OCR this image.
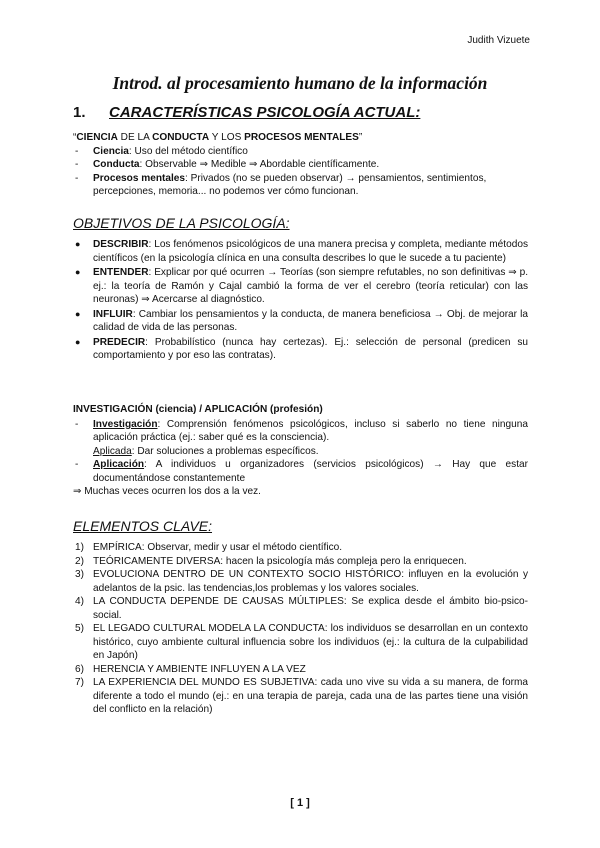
Judith Vizuete
Introd. al procesamiento humano de la información
1. CARACTERÍSTICAS PSICOLOGÍA ACTUAL:
“CIENCIA DE LA CONDUCTA Y LOS PROCESOS MENTALES”
- Ciencia: Uso del método científico
- Conducta: Observable ⇒ Medible ⇒ Abordable científicamente.
- Procesos mentales: Privados (no se pueden observar) → pensamientos, sentimientos, percepciones, memoria... no podemos ver cómo funcionan.
OBJETIVOS DE LA PSICOLOGÍA:
● DESCRIBIR: Los fenómenos psicológicos de una manera precisa y completa, mediante métodos científicos (en la psicología clínica en una consulta describes lo que le sucede a tu paciente)
● ENTENDER: Explicar por qué ocurren → Teorías (son siempre refutables, no son definitivas ⇒ p. ej.: la teoría de Ramón y Cajal cambió la forma de ver el cerebro (teoría reticular) con las neuronas) ⇒ Acercarse al diagnóstico.
● INFLUIR: Cambiar los pensamientos y la conducta, de manera beneficiosa → Obj. de mejorar la calidad de vida de las personas.
● PREDECIR: Probabilístico (nunca hay certezas). Ej.: selección de personal (predicen su comportamiento y por eso las contratas).
INVESTIGACIÓN (ciencia) / APLICACIÓN (profesión)
- Investigación: Comprensión fenómenos psicológicos, incluso si saberlo no tiene ninguna aplicación práctica (ej.: saber qué es la consciencia).
Aplicada: Dar soluciones a problemas específicos.
- Aplicación: A individuos u organizadores (servicios psicológicos) → Hay que estar documentándose constantemente
⇒ Muchas veces ocurren los dos a la vez.
ELEMENTOS CLAVE:
1) EMPÍRICA: Observar, medir y usar el método científico.
2) TEÓRICAMENTE DIVERSA: hacen la psicología más compleja pero la enriquecen.
3) EVOLUCIONA DENTRO DE UN CONTEXTO SOCIO HISTÓRICO: influyen en la evolución y adelantos de la psic. las tendencias,los problemas y los valores sociales.
4) LA CONDUCTA DEPENDE DE CAUSAS MÚLTIPLES: Se explica desde el ámbito bio-psico-social.
5) EL LEGADO CULTURAL MODELA LA CONDUCTA: los individuos se desarrollan en un contexto histórico, cuyo ambiente cultural influencia sobre los individuos (ej.: la cultura de la culpabilidad en Japón)
6) HERENCIA Y AMBIENTE INFLUYEN A LA VEZ
7) LA EXPERIENCIA DEL MUNDO ES SUBJETIVA: cada uno vive su vida a su manera, de forma diferente a todo el mundo (ej.: en una terapia de pareja, cada una de las partes tiene una visión del conflicto en la relación)
[ 1 ]
